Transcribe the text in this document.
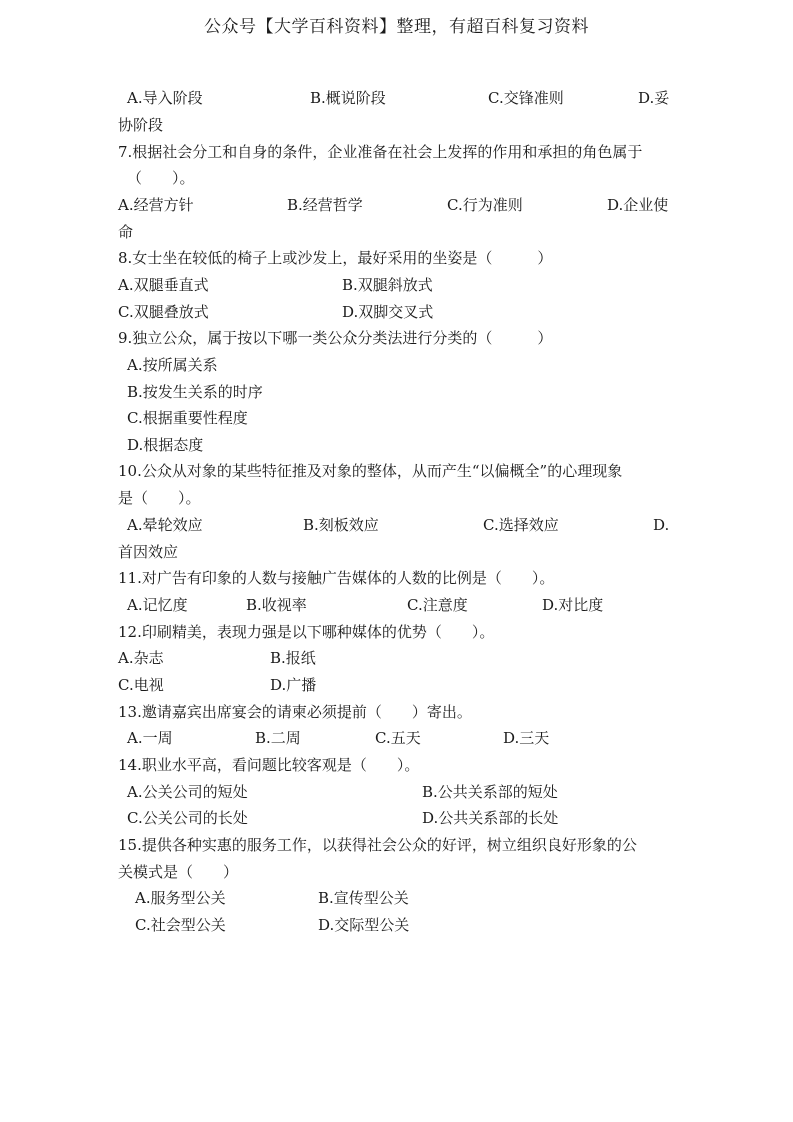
公众号【大学百科资料】整理，有超百科复习资料
A.导入阶段	B.概说阶段	C.交锋准则	D.妥
协阶段
7.根据社会分工和自身的条件，企业准备在社会上发挥的作用和承担的角色属于
（　　）。
A.经营方针	B.经营哲学	C.行为准则	D.企业使
命
8.女士坐在较低的椅子上或沙发上，最好采用的坐姿是（　　　）
A.双腿垂直式	B.双腿斜放式
C.双腿叠放式	D.双脚交叉式
9.独立公众，属于按以下哪一类公众分类法进行分类的（　　　）
A.按所属关系
B.按发生关系的时序
C.根据重要性程度
D.根据态度
10.公众从对象的某些特征推及对象的整体，从而产生“以偏概全”的心理现象
是（　　）。
A.晕轮效应	B.刻板效应	C.选择效应	D.
首因效应
11.对广告有印象的人数与接触广告媒体的人数的比例是（　　）。
A.记忆度	B.收视率	C.注意度	D.对比度
12.印刷精美，表现力强是以下哪种媒体的优势（　　）。
A.杂志	B.报纸
C.电视	D.广播
13.邀请嘉宾出席宴会的请柬必须提前（　　）寄出。
A.一周	B.二周	C.五天	D.三天
14.职业水平高，看问题比较客观是（　　）。
A.公关公司的短处	B.公共关系部的短处
C.公关公司的长处	D.公共关系部的长处
15.提供各种实惠的服务工作，以获得社会公众的好评，树立组织良好形象的公
关模式是（　　）
A.服务型公关	B.宣传型公关
C.社会型公关	D.交际型公关
